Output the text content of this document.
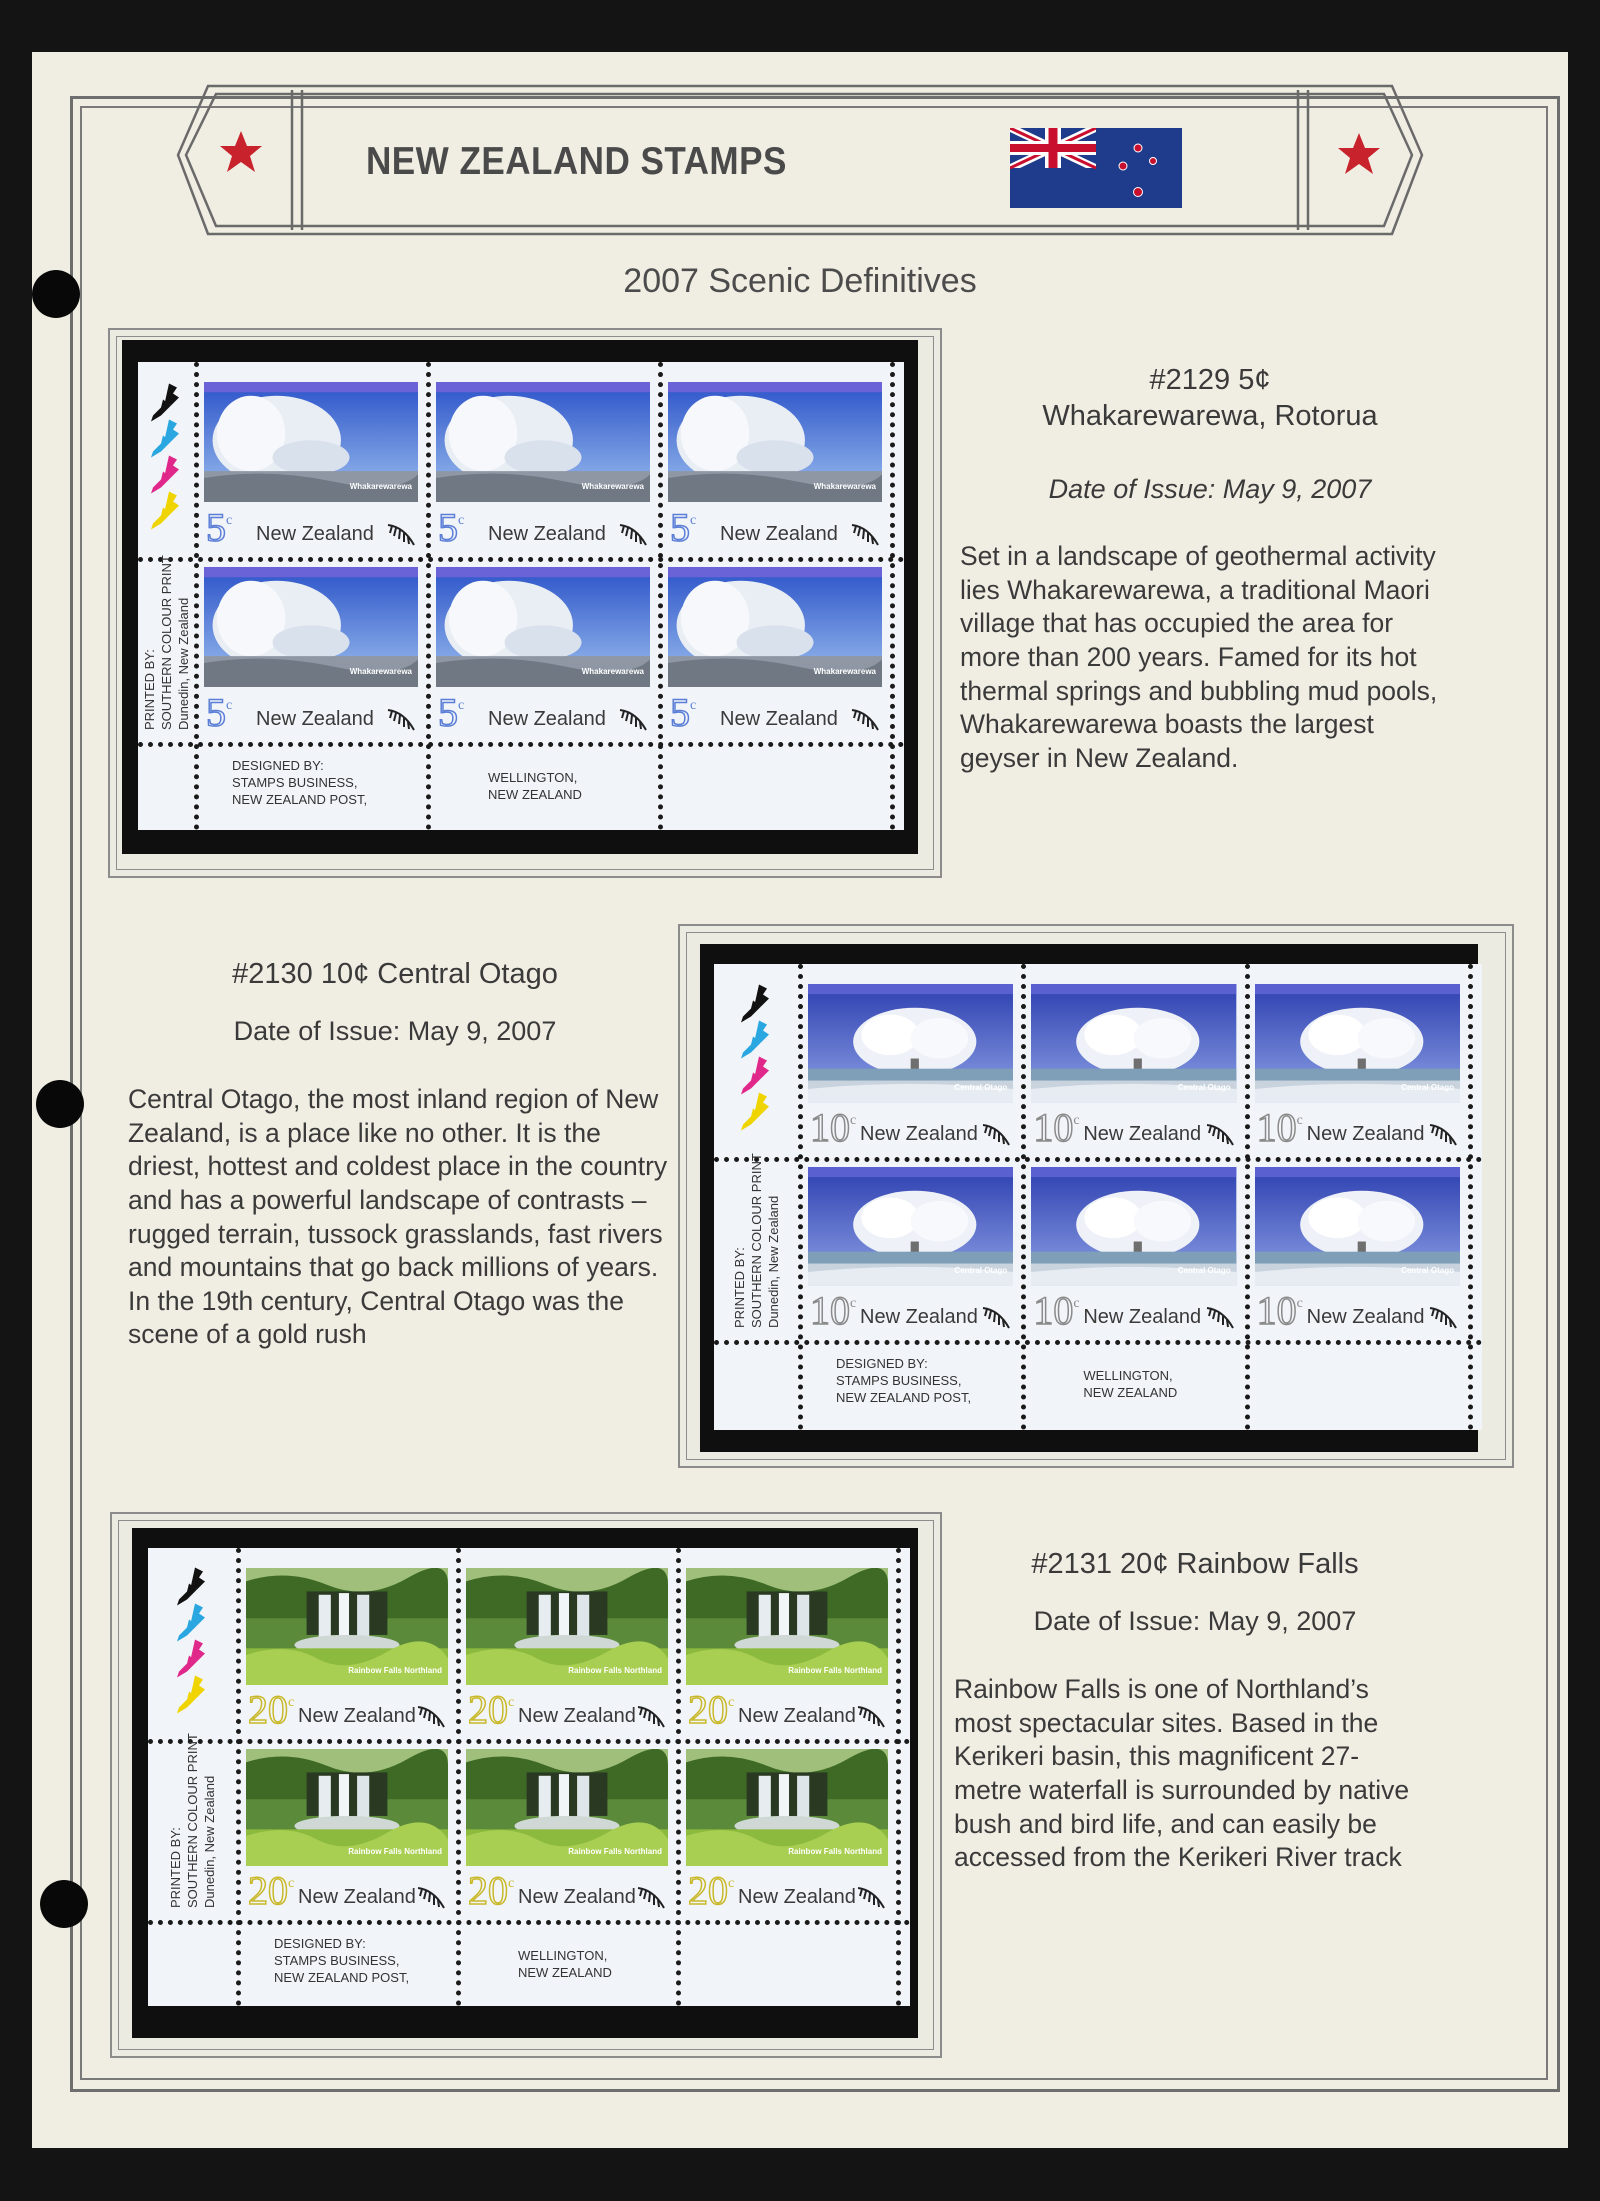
NEW ZEALAND STAMPS
2007 Scenic Definitives
Whakarewarewa
5$^c$
New Zealand
Whakarewarewa
5$^c$
New Zealand
Whakarewarewa
5$^c$
New Zealand
Whakarewarewa
5$^c$
New Zealand
Whakarewarewa
5$^c$
New Zealand
Whakarewarewa
5$^c$
New Zealand
PRINTED BY: SOUTHERN COLOUR PRINT Dunedin, New Zealand
DESIGNED BY:
STAMPS BUSINESS,
NEW ZEALAND POST,
WELLINGTON,
NEW ZEALAND
Central Otago
10$^c$
New Zealand
Central Otago
10$^c$
New Zealand
Central Otago
10$^c$
New Zealand
Central Otago
10$^c$
New Zealand
Central Otago
10$^c$
New Zealand
Central Otago
10$^c$
New Zealand
PRINTED BY: SOUTHERN COLOUR PRINT Dunedin, New Zealand
DESIGNED BY:
STAMPS BUSINESS,
NEW ZEALAND POST,
WELLINGTON,
NEW ZEALAND
Rainbow Falls Northland
20$^c$
New Zealand
Rainbow Falls Northland
20$^c$
New Zealand
Rainbow Falls Northland
20$^c$
New Zealand
Rainbow Falls Northland
20$^c$
New Zealand
Rainbow Falls Northland
20$^c$
New Zealand
Rainbow Falls Northland
20$^c$
New Zealand
PRINTED BY: SOUTHERN COLOUR PRINT Dunedin, New Zealand
DESIGNED BY:
STAMPS BUSINESS,
NEW ZEALAND POST,
WELLINGTON,
NEW ZEALAND
#2129 5¢
Whakarewarewa, Rotorua
Date of Issue: May 9, 2007
Set in a landscape of geothermal activity lies Whakarewarewa, a traditional Maori village that has occupied the area for more than 200 years. Famed for its hot thermal springs and bubbling mud pools, Whakarewarewa boasts the largest geyser in New Zealand.
#2130 10¢ Central Otago
Date of Issue: May 9, 2007
Central Otago, the most inland region of New Zealand, is a place like no other. It is the driest, hottest and coldest place in the country and has a powerful landscape of contrasts – rugged terrain, tussock grasslands, fast rivers and mountains that go back millions of years. In the 19th century, Central Otago was the scene of a gold rush
#2131 20¢ Rainbow Falls
Date of Issue: May 9, 2007
Rainbow Falls is one of Northland’s most spectacular sites. Based in the Kerikeri basin, this magnificent 27-metre waterfall is surrounded by native bush and bird life, and can easily be accessed from the Kerikeri River track
